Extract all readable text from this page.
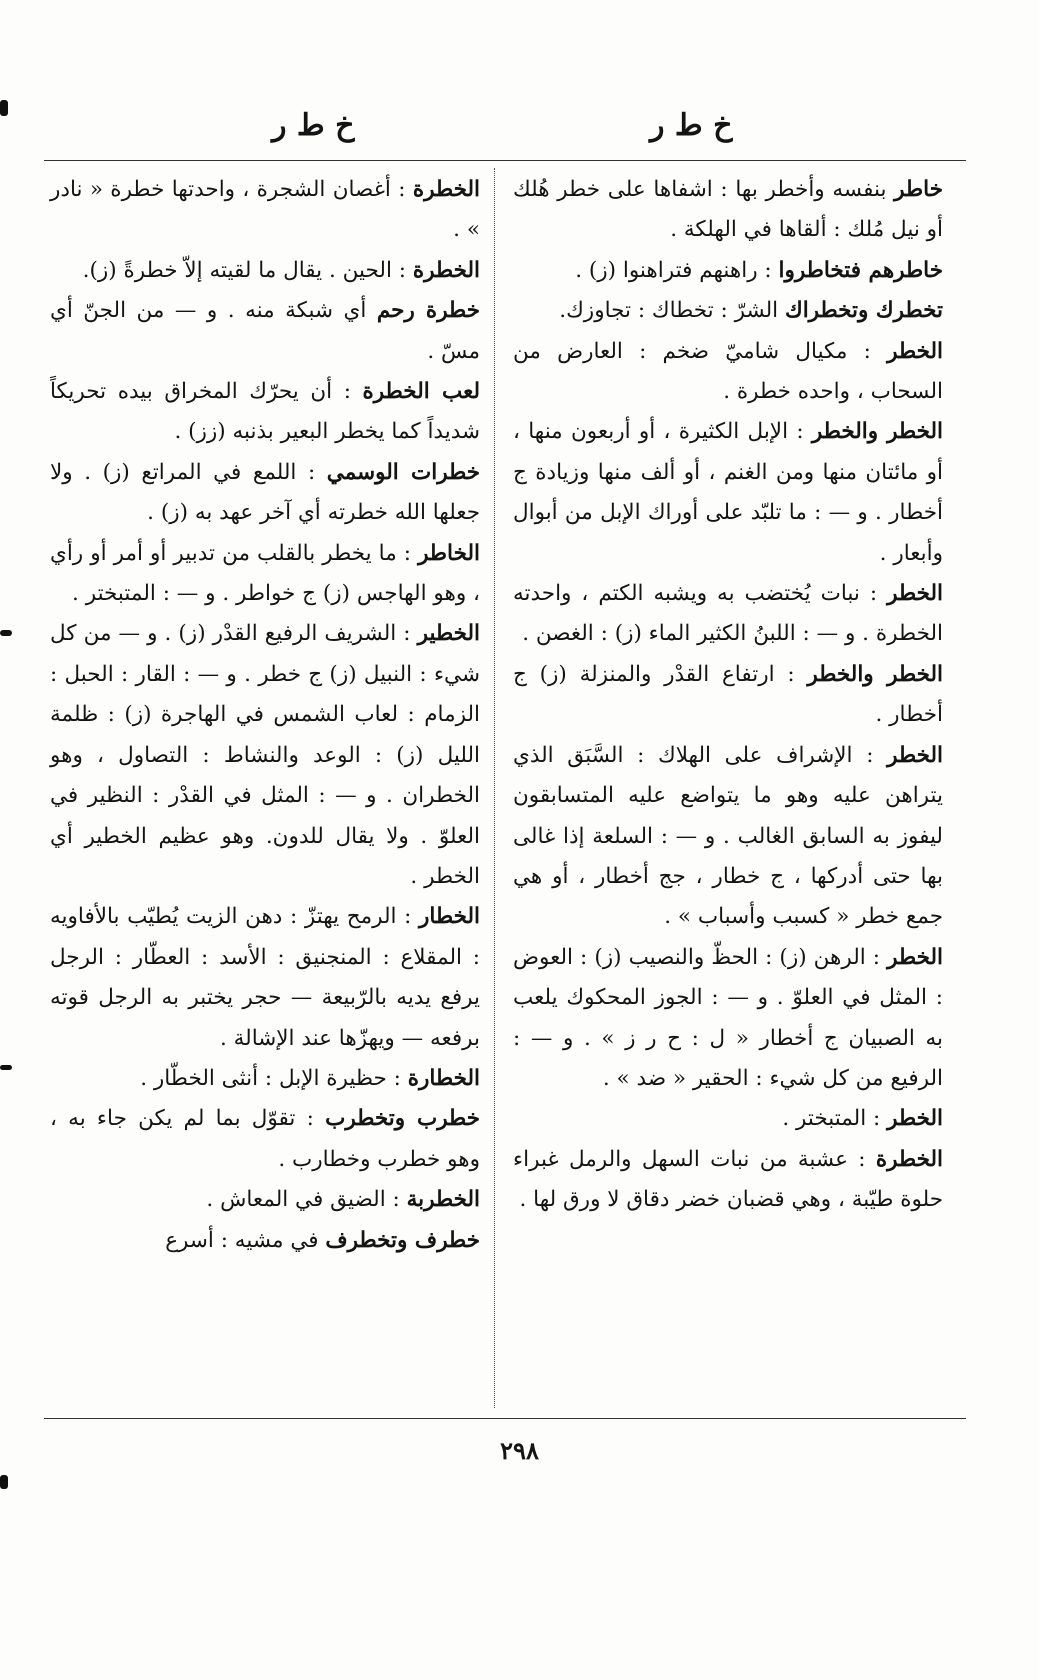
خ ط ر
خ ط ر

خاطر بنفسه وأخطر بها : اشفاها على خطر هُلك أو نيل مُلك : ألقاها في الهلكة .

خاطرهم فتخاطروا : راهنهم فتراهنوا (ز) .

تخطرك وتخطراك الشرّ : تخطاك : تجاوزك.

الخطر : مكيال شاميّ ضخم : العارض من السحاب ، واحده خطرة .

الخطر والخطر : الإبل الكثيرة ، أو أربعون منها ، أو مائتان منها ومن الغنم ، أو ألف منها وزيادة ج أخطار . و — : ما تلبّد على أوراك الإبل من أبوال وأبعار .

الخطر : نبات يُختضب به ويشبه الكتم ، واحدته الخطرة . و — : اللبنُ الكثير الماء (ز) : الغصن .

الخطر والخطر : ارتفاع القدْر والمنزلة (ز) ج أخطار .

الخطر : الإشراف على الهلاك : السَّبَق الذي يتراهن عليه وهو ما يتواضع عليه المتسابقون ليفوز به السابق الغالب . و — : السلعة إذا غالى بها حتى أدركها ، ج خطار ، جج أخطار ، أو هي جمع خطر « كسبب وأسباب » .

الخطر : الرهن (ز) : الحظّ والنصيب (ز) : العوض : المثل في العلوّ . و — : الجوز المحكوك يلعب به الصبيان ج أخطار « ل : ح ر ز » . و — : الرفيع من كل شيء : الحقير « ضد » .

الخطر : المتبختر .

الخطرة : عشبة من نبات السهل والرمل غبراء حلوة طيّبة ، وهي قضبان خضر دقاق لا ورق لها .

الخطرة : أغصان الشجرة ، واحدتها خطرة « نادر » .

الخطرة : الحين . يقال ما لقيته إلاّ خطرةً (ز).

خطرة رحم أي شبكة منه . و — من الجنّ أي مسّ .

لعب الخطرة : أن يحرّك المخراق بيده تحريكاً شديداً كما يخطر البعير بذنبه (زز) .

خطرات الوسمي : اللمع في المراتع (ز) . ولا جعلها الله خطرته أي آخر عهد به (ز) .

الخاطر : ما يخطر بالقلب من تدبير أو أمر أو رأي ، وهو الهاجس (ز) ج خواطر . و — : المتبختر .

الخطير : الشريف الرفيع القدْر (ز) . و — من كل شيء : النبيل (ز) ج خطر . و — : القار : الحبل : الزمام : لعاب الشمس في الهاجرة (ز) : ظلمة الليل (ز) : الوعد والنشاط : التصاول ، وهو الخطران . و — : المثل في القدْر : النظير في العلوّ . ولا يقال للدون. وهو عظيم الخطير أي الخطر .

الخطار : الرمح يهتزّ : دهن الزيت يُطيّب بالأفاويه : المقلاع : المنجنيق : الأسد : العطّار : الرجل يرفع يديه بالرّبيعة — حجر يختبر به الرجل قوته برفعه — ويهزّها عند الإشالة .

الخطارة : حظيرة الإبل : أنثى الخطّار .

خطرب وتخطرب : تقوّل بما لم يكن جاء به ، وهو خطرب وخطارب .

الخطربة : الضيق في المعاش .

خطرف وتخطرف في مشيه : أسرع

٢٩٨
